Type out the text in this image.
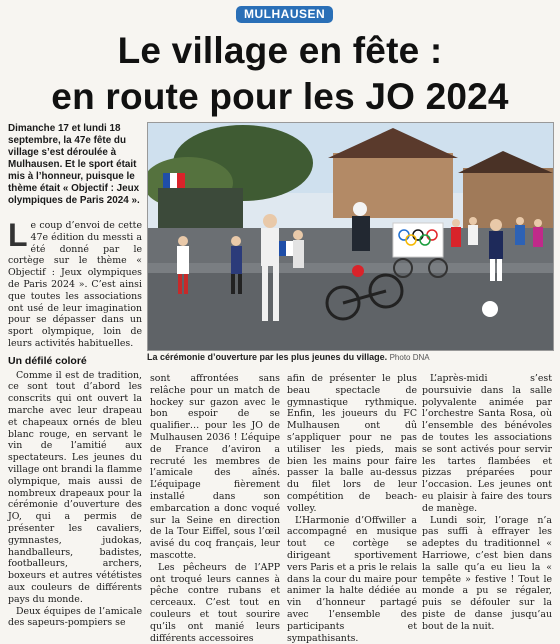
MULHAUSEN
Le village en fête :
en route pour les JO 2024
Dimanche 17 et lundi 18 septembre, la 47e fête du village s’est déroulée à Mulhausen. Et le sport était mis à l’honneur, puisque le thème était « Objectif : Jeux olympiques de Paris 2024 ».

Le coup d’envoi de cette 47e édition du messti a été donné par le cortège sur le thème « Objectif : Jeux olympiques de Paris 2024 ». C’est ainsi que toutes les associations ont usé de leur imagination pour se dépasser dans un sport olympique, loin de leurs activités habituelles.

Un défilé coloré

Comme il est de tradition, ce sont tout d’abord les conscrits qui ont ouvert la marche avec leur drapeau et chapeaux ornés de bleu blanc rouge, en servant le vin de l’amitié aux spectateurs. Les jeunes du village ont brandi la flamme olympique, mais aussi de nombreux drapeaux pour la cérémonie d’ouverture des JO, qui a permis de présenter les cavaliers, gymnastes, judokas, handballeurs, badistes, footballeurs, archers, boxeurs et autres vététistes aux couleurs de différents pays du monde.

Deux équipes de l’amicale des sapeurs-pompiers se

La cérémonie d’ouverture par les plus jeunes du village. Photo DNA

sont affrontées sans relâche pour un match de hockey sur gazon avec le bon espoir de se qualifier… pour les JO de Mulhausen 2036 ! L’équipe de France d’aviron a recruté les membres de l’amicale des aînés. L’équipage fièrement installé dans son embarcation a donc voqué sur la Seine en direction de la Tour Eiffel, sous l’œil avisé du coq français, leur mascotte.

Les pêcheurs de l’APP ont troqué leurs cannes à pêche contre rubans et cerceaux. C’est tout en couleurs et tout sourire qu’ils ont manié leurs différents accessoires

afin de présenter le plus beau spectacle de gymnastique rythmique. Enfin, les joueurs du FC Mulhausen ont dû s’appliquer pour ne pas utiliser les pieds, mais bien les mains pour faire passer la balle au-dessus du filet lors de leur compétition de beach-volley.

L’Harmonie d’Offwiller a accompagné en musique tout ce cortège se dirigeant sportivement vers Paris et a pris le relais dans la cour du maire pour animer la halte dédiée au vin d’honneur partagé avec l’ensemble des participants et sympathisants.

L’après-midi s’est poursuivie dans la salle polyvalente animée par l’orchestre Santa Rosa, où l’ensemble des bénévoles de toutes les associations se sont activés pour servir les tartes flambées et pizzas préparées pour l’occasion. Les jeunes ont eu plaisir à faire des tours de manège.

Lundi soir, l’orage n’a pas suffi à effrayer les adeptes du traditionnel « Harriowe, c’est bien dans la salle qu’a eu lieu la « tempête » festive ! Tout le monde a pu se régaler, puis se défouler sur la piste de danse jusqu’au bout de la nuit.
